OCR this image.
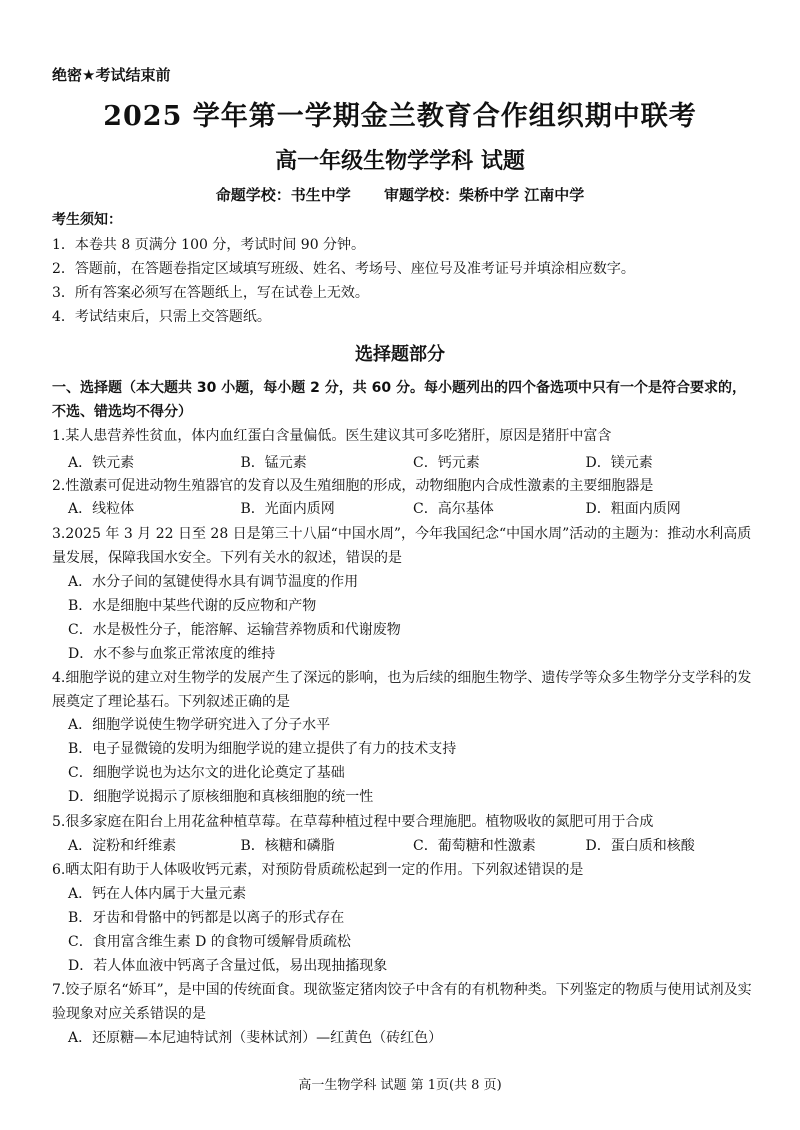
绝密★考试结束前
2025 学年第一学期金兰教育合作组织期中联考
高一年级生物学学科 试题
命题学校：书生中学 审题学校：柴桥中学 江南中学
考生须知：
1．本卷共 8 页满分 100 分，考试时间 90 分钟。
2．答题前，在答题卷指定区域填写班级、姓名、考场号、座位号及准考证号并填涂相应数字。
3．所有答案必须写在答题纸上，写在试卷上无效。
4．考试结束后，只需上交答题纸。
选择题部分
一、选择题（本大题共 30 小题，每小题 2 分，共 60 分。每小题列出的四个备选项中只有一个是符合要求的，不选、错选均不得分）
1.某人患营养性贫血，体内血红蛋白含量偏低。医生建议其可多吃猪肝，原因是猪肝中富含
A．铁元素	B．锰元素	C．钙元素	D．镁元素
2.性激素可促进动物生殖器官的发育以及生殖细胞的形成，动物细胞内合成性激素的主要细胞器是
A．线粒体	B．光面内质网	C．高尔基体	D．粗面内质网
3.2025 年 3 月 22 日至 28 日是第三十八届“中国水周”，今年我国纪念“中国水周”活动的主题为：推动水利高质量发展，保障我国水安全。下列有关水的叙述，错误的是
A．水分子间的氢键使得水具有调节温度的作用
B．水是细胞中某些代谢的反应物和产物
C．水是极性分子，能溶解、运输营养物质和代谢废物
D．水不参与血浆正常浓度的维持
4.细胞学说的建立对生物学的发展产生了深远的影响，也为后续的细胞生物学、遗传学等众多生物学分支学科的发展奠定了理论基石。下列叙述正确的是
A．细胞学说使生物学研究进入了分子水平
B．电子显微镜的发明为细胞学说的建立提供了有力的技术支持
C．细胞学说也为达尔文的进化论奠定了基础
D．细胞学说揭示了原核细胞和真核细胞的统一性
5.很多家庭在阳台上用花盆种植草莓。在草莓种植过程中要合理施肥。植物吸收的氮肥可用于合成
A．淀粉和纤维素	B．核糖和磷脂	C．葡萄糖和性激素	D．蛋白质和核酸
6.晒太阳有助于人体吸收钙元素，对预防骨质疏松起到一定的作用。下列叙述错误的是
A．钙在人体内属于大量元素
B．牙齿和骨骼中的钙都是以离子的形式存在
C．食用富含维生素 D 的食物可缓解骨质疏松
D．若人体血液中钙离子含量过低，易出现抽搐现象
7.饺子原名“娇耳”，是中国的传统面食。现欲鉴定猪肉饺子中含有的有机物种类。下列鉴定的物质与使用试剂及实验现象对应关系错误的是
A．还原糖—本尼迪特试剂（斐林试剂）—红黄色（砖红色）
高一生物学科 试题 第 1页(共 8 页)
